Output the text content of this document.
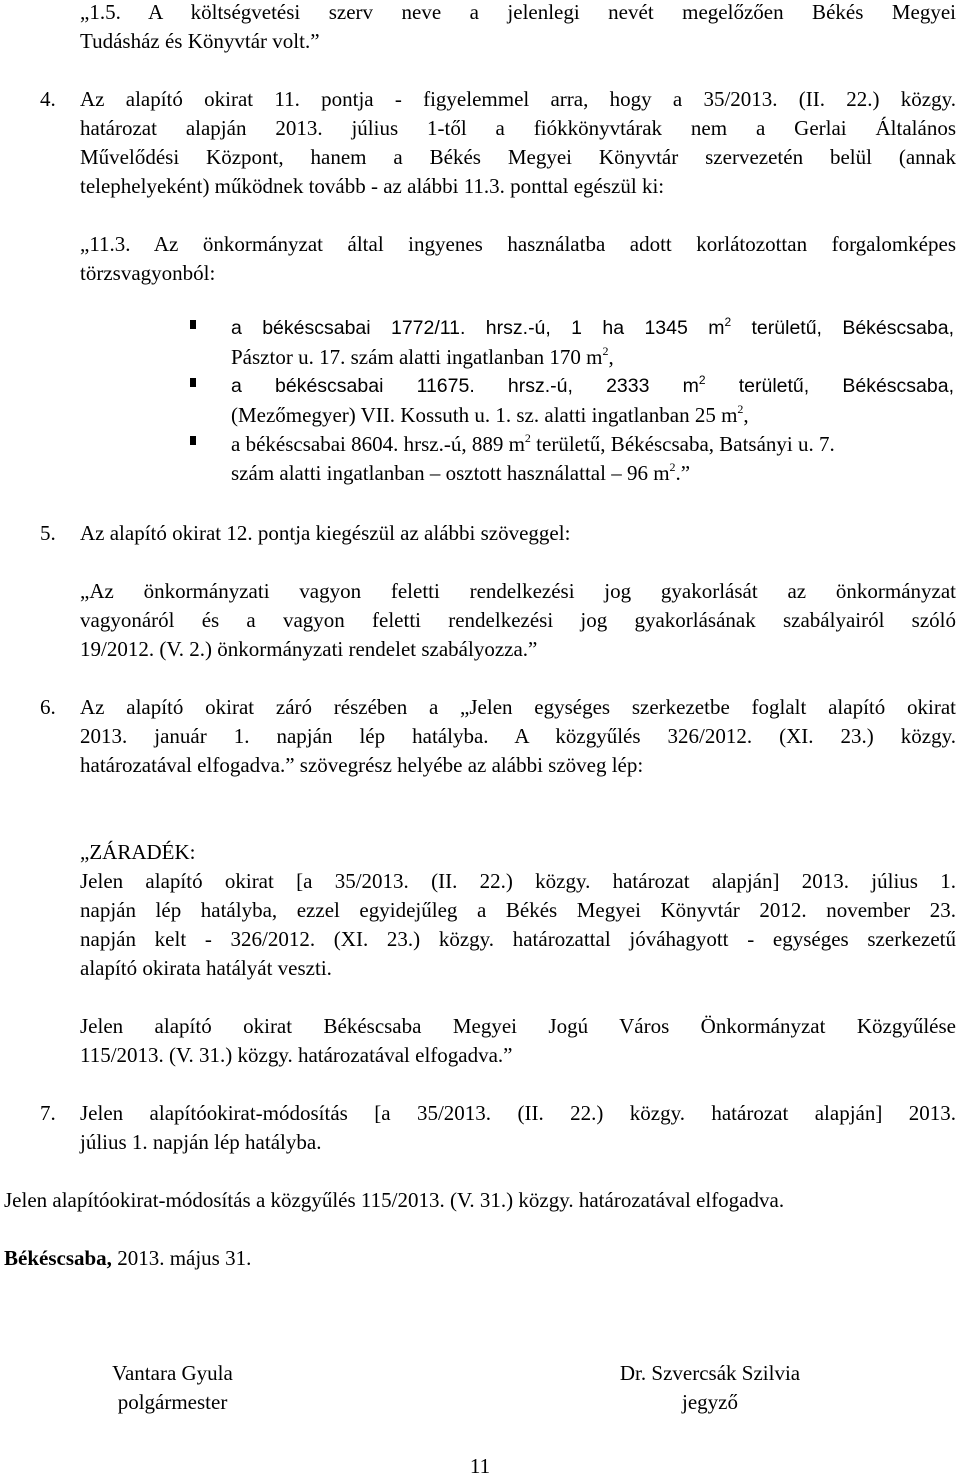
„1.5. A költségvetési szerv neve a jelenlegi nevét megelőzően Békés Megyei
Tudásház és Könyvtár volt.”
4. Az alapító okirat 11. pontja - figyelemmel arra, hogy a 35/2013. (II. 22.) közgy.
határozat alapján 2013. július 1-től a fiókkönyvtárak nem a Gerlai Általános
Művelődési Központ, hanem a Békés Megyei Könyvtár szervezetén belül (annak
telephelyeként) működnek tovább - az alábbi 11.3. ponttal egészül ki:
„11.3. Az önkormányzat által ingyenes használatba adott korlátozottan forgalomképes
törzsvagyonból:
a békéscsabai 1772/11. hrsz.-ú, 1 ha 1345 $m^2$ területű, Békéscsaba,
Pásztor u. 17. szám alatti ingatlanban 170 $m^2$,
a békéscsabai 11675. hrsz.-ú, 2333 $m^2$ területű, Békéscsaba,
(Mezőmegyer) VII. Kossuth u. 1. sz. alatti ingatlanban 25 $m^2$,
a békéscsabai 8604. hrsz.-ú, 889 $m^2$ területű, Békéscsaba, Batsányi u. 7.
szám alatti ingatlanban – osztott használattal – 96 $m^2$.”
5. Az alapító okirat 12. pontja kiegészül az alábbi szöveggel:
„Az önkormányzati vagyon feletti rendelkezési jog gyakorlását az önkormányzat
vagyonáról és a vagyon feletti rendelkezési jog gyakorlásának szabályairól szóló
19/2012. (V. 2.) önkormányzati rendelet szabályozza.”
6. Az alapító okirat záró részében a „Jelen egységes szerkezetbe foglalt alapító okirat
2013. január 1. napján lép hatályba. A közgyűlés 326/2012. (XI. 23.) közgy.
határozatával elfogadva.” szövegrész helyébe az alábbi szöveg lép:
„ZÁRADÉK:
Jelen alapító okirat [a 35/2013. (II. 22.) közgy. határozat alapján] 2013. július 1.
napján lép hatályba, ezzel egyidejűleg a Békés Megyei Könyvtár 2012. november 23.
napján kelt - 326/2012. (XI. 23.) közgy. határozattal jóváhagyott - egységes szerkezetű
alapító okirata hatályát veszti.
Jelen alapító okirat Békéscsaba Megyei Jogú Város Önkormányzat Közgyűlése
115/2013. (V. 31.) közgy. határozatával elfogadva.”
7. Jelen alapítóokirat-módosítás [a 35/2013. (II. 22.) közgy. határozat alapján] 2013.
július 1. napján lép hatályba.
Jelen alapítóokirat-módosítás a közgyűlés 115/2013. (V. 31.) közgy. határozatával elfogadva.
Békéscsaba, 2013. május 31.
Vantara Gyula
polgármester
Dr. Szvercsák Szilvia
jegyző
11
